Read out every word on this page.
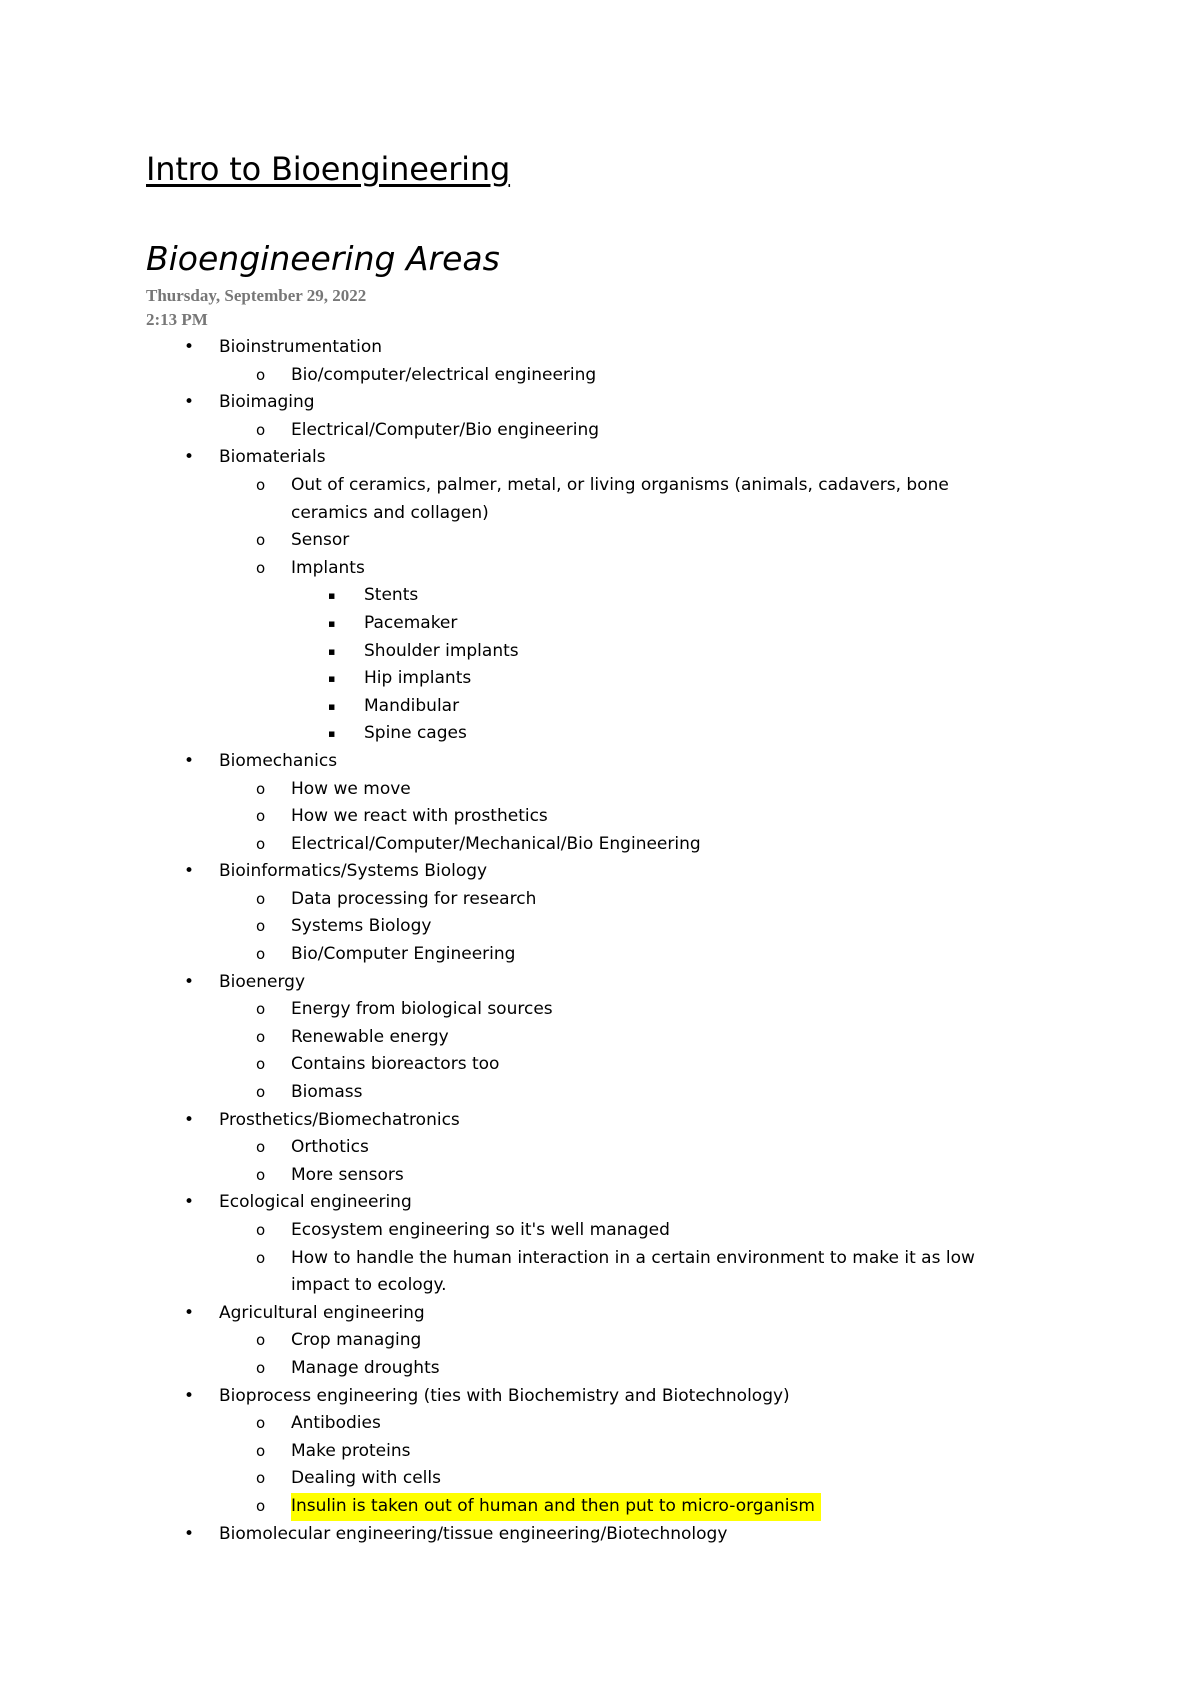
Intro to Bioengineering
Bioengineering Areas
Thursday, September 29, 2022
2:13 PM
• Bioinstrumentation
o Bio/computer/electrical engineering
• Bioimaging
o Electrical/Computer/Bio engineering
• Biomaterials
o Out of ceramics, palmer, metal, or living organisms (animals, cadavers, bone
ceramics and collagen)
o Sensor
o Implants
▪ Stents
▪ Pacemaker
▪ Shoulder implants
▪ Hip implants
▪ Mandibular
▪ Spine cages
• Biomechanics
o How we move
o How we react with prosthetics
o Electrical/Computer/Mechanical/Bio Engineering
• Bioinformatics/Systems Biology
o Data processing for research
o Systems Biology
o Bio/Computer Engineering
• Bioenergy
o Energy from biological sources
o Renewable energy
o Contains bioreactors too
o Biomass
• Prosthetics/Biomechatronics
o Orthotics
o More sensors
• Ecological engineering
o Ecosystem engineering so it's well managed
o How to handle the human interaction in a certain environment to make it as low
impact to ecology.
• Agricultural engineering
o Crop managing
o Manage droughts
• Bioprocess engineering (ties with Biochemistry and Biotechnology)
o Antibodies
o Make proteins
o Dealing with cells
o Insulin is taken out of human and then put to micro-organism
• Biomolecular engineering/tissue engineering/Biotechnology
